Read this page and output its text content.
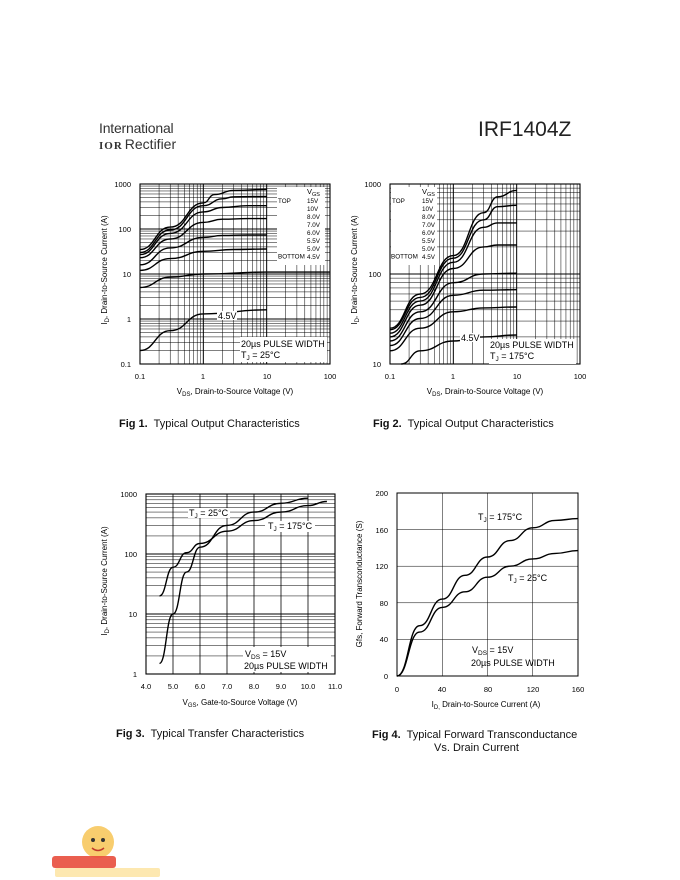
International
IOR Rectifier
IRF1404Z
1000
100
10
1
0.1
0.1	1	10	100
$I_D$, Drain-to-Source Current (A)
$V_{DS}$, Drain-to-Source Voltage (V)
$V_{GS}$
TOP
BOTTOM
15V
10V
8.0V
7.0V
6.0V
5.5V
5.0V
4.5V
4.5V
20µs PULSE WIDTH
$T_J = 25^\circ C$
Fig 1. Typical Output Characteristics
1000
100
10
0.1	1	10	100
$I_D$, Drain-to-Source Current (A)
$V_{DS}$, Drain-to-Source Voltage (V)
$V_{GS}$
TOP
BOTTOM
15V
10V
8.0V
7.0V
6.0V
5.5V
5.0V
4.5V
4.5V
20µs PULSE WIDTH
$T_J = 175^\circ C$
Fig 2. Typical Output Characteristics
1000
100
10
1
4.0 5.0 6.0 7.0 8.0 9.0 10.0 11.0
$I_D$, Drain-to-Source Current (A)
$V_{GS}$, Gate-to-Source Voltage (V)
$T_J = 25^\circ C$
$T_J = 175^\circ C$
$V_{DS} = 15V$
20µs PULSE WIDTH
Fig 3. Typical Transfer Characteristics
200
160
120
80
40
0
0	40	80	120	160
Gfs, Forward Transconductance (S)
$I_{D,}$ Drain-to-Source Current (A)
$T_J = 175^\circ C$
$T_J = 25^\circ C$
$V_{DS} = 15V$
20µs PULSE WIDTH
Fig 4. Typical Forward Transconductance
Vs. Drain Current
